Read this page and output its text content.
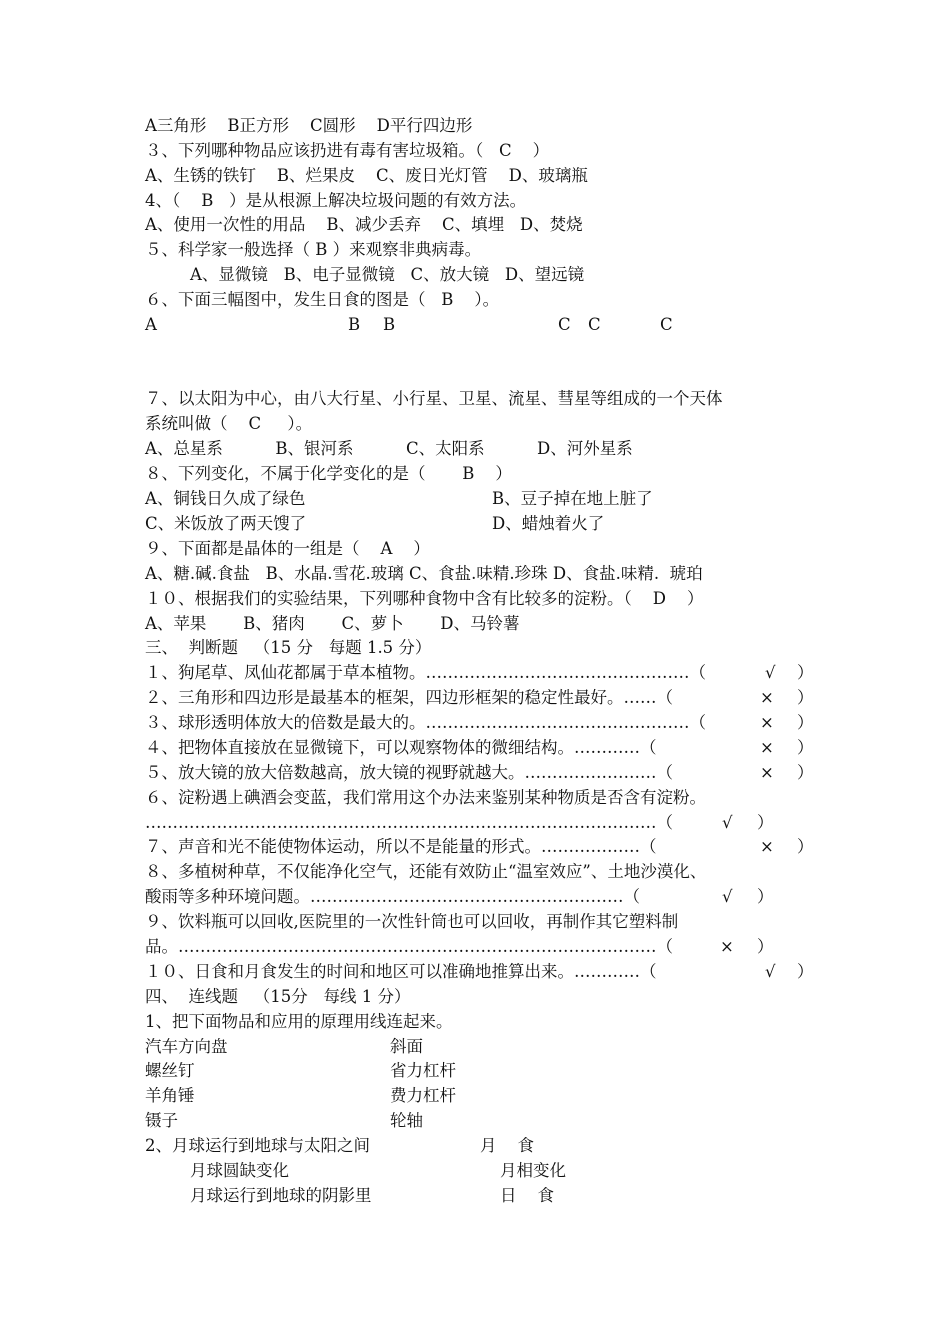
A三角形    B正方形    C圆形    D平行四边形
３、下列哪种物品应该扔进有毒有害垃圾箱。（   C    ）
A、生锈的铁钉    B、烂果皮    C、废日光灯管    D、玻璃瓶
4、（    B   ）是从根源上解决垃圾问题的有效方法。
A、使用一次性的用品    B、减少丢弃    C、填埋   D、焚烧
５、科学家一般选择（ B ）来观察非典病毒。
A、显微镜   B、电子显微镜   C、放大镜   D、望远镜
６、下面三幅图中，发生日食的图是（   B    ）。
A	B B	C C	C
７、以太阳为中心，由八大行星、小行星、卫星、流星、彗星等组成的一个天体
系统叫做（    C     ）。
A、总星系          B、银河系          C、太阳系          D、河外星系
８、下列变化，不属于化学变化的是（       B    ）
A、铜钱日久成了绿色	B、豆子掉在地上脏了
C、米饭放了两天馊了	D、蜡烛着火了
９、下面都是晶体的一组是（    A    ）
A、糖.碱.食盐   B、水晶.雪花.玻璃 C、食盐.味精.珍珠 D、食盐.味精.  琥珀
１０、根据我们的实验结果，下列哪种食物中含有比较多的淀粉。（    D    ）
A、苹果       B、猪肉       C、萝卜       D、马铃薯
三、  判断题   （15 分   每题 1.5 分）
１、狗尾草、凤仙花都属于草本植物。…………………………………………（	√ ）
２、三角形和四边形是最基本的框架，四边形框架的稳定性最好。……（	× ）
３、球形透明体放大的倍数是最大的。…………………………………………（	× ）
４、把物体直接放在显微镜下，可以观察物体的微细结构。…………（	× ）
５、放大镜的放大倍数越高，放大镜的视野就越大。……………………（	× ）
６、淀粉遇上碘酒会变蓝，我们常用这个办法来鉴别某种物质是否含有淀粉。
…………………………………………………………………………………（	√ ）
７、声音和光不能使物体运动，所以不是能量的形式。………………（	× ）
８、多植树种草，不仅能净化空气，还能有效防止“温室效应”、土地沙漠化、
酸雨等多种环境问题。…………………………………………………（	√ ）
９、饮料瓶可以回收,医院里的一次性针筒也可以回收，再制作其它塑料制
品。……………………………………………………………………………（	× ）
１０、日食和月食发生的时间和地区可以准确地推算出来。…………（	√ ）
四、  连线题   （15分   每线 1 分）
1、把下面物品和应用的原理用线连起来。
汽车方向盘	斜面
螺丝钉	省力杠杆
羊角锤	费力杠杆
镊子	轮轴
2、月球运行到地球与太阳之间	月    食
月球圆缺变化	月相变化
月球运行到地球的阴影里	日    食
